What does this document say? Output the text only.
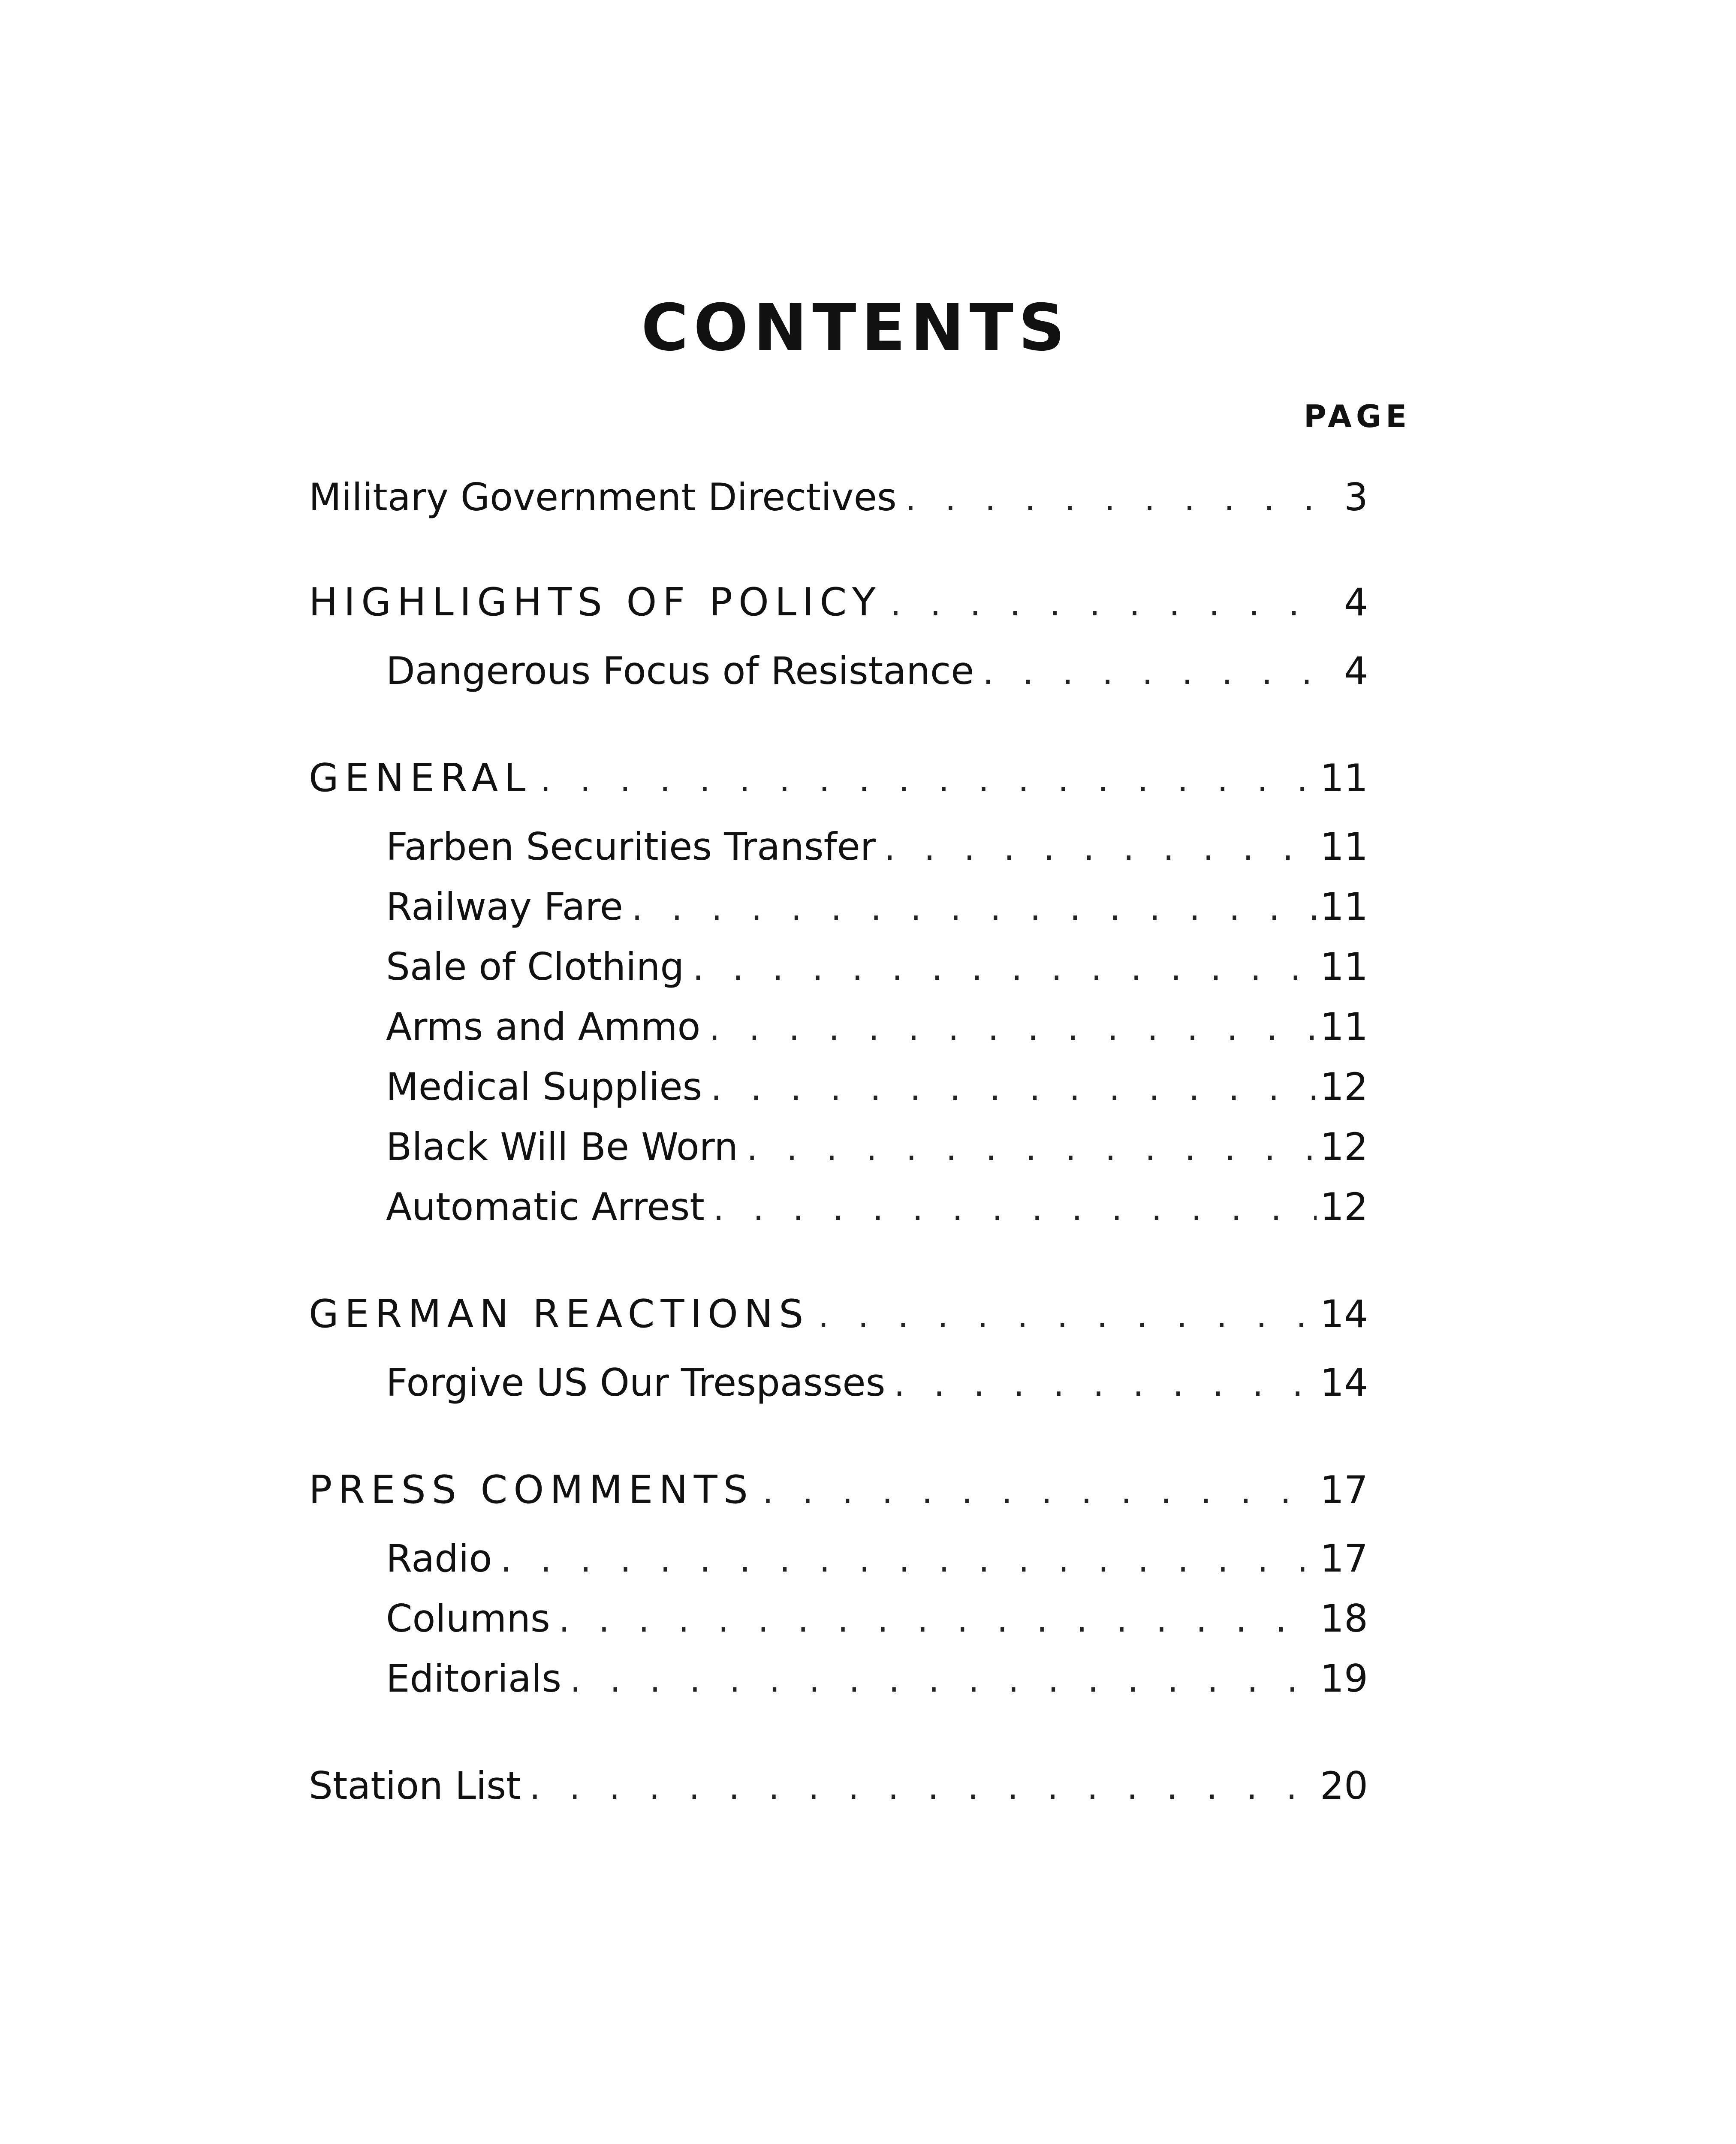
CONTENTS
PAGE
Military Government Directives . . .	3
HIGHLIGHTS OF POLICY . . .	4
Dangerous Focus of Resistance . . .	4
GENERAL . . .	11
Farben Securities Transfer . . .	11
Railway Fare . . .	11
Sale of Clothing . . .	11
Arms and Ammo . . .	11
Medical Supplies . . .	12
Black Will Be Worn . . .	12
Automatic Arrest . . .	12
GERMAN REACTIONS . . .	14
Forgive US Our Trespasses . . .	14
PRESS COMMENTS . . .	17
Radio . . .	17
Columns . . .	18
Editorials . . .	19
Station List . . .	20
